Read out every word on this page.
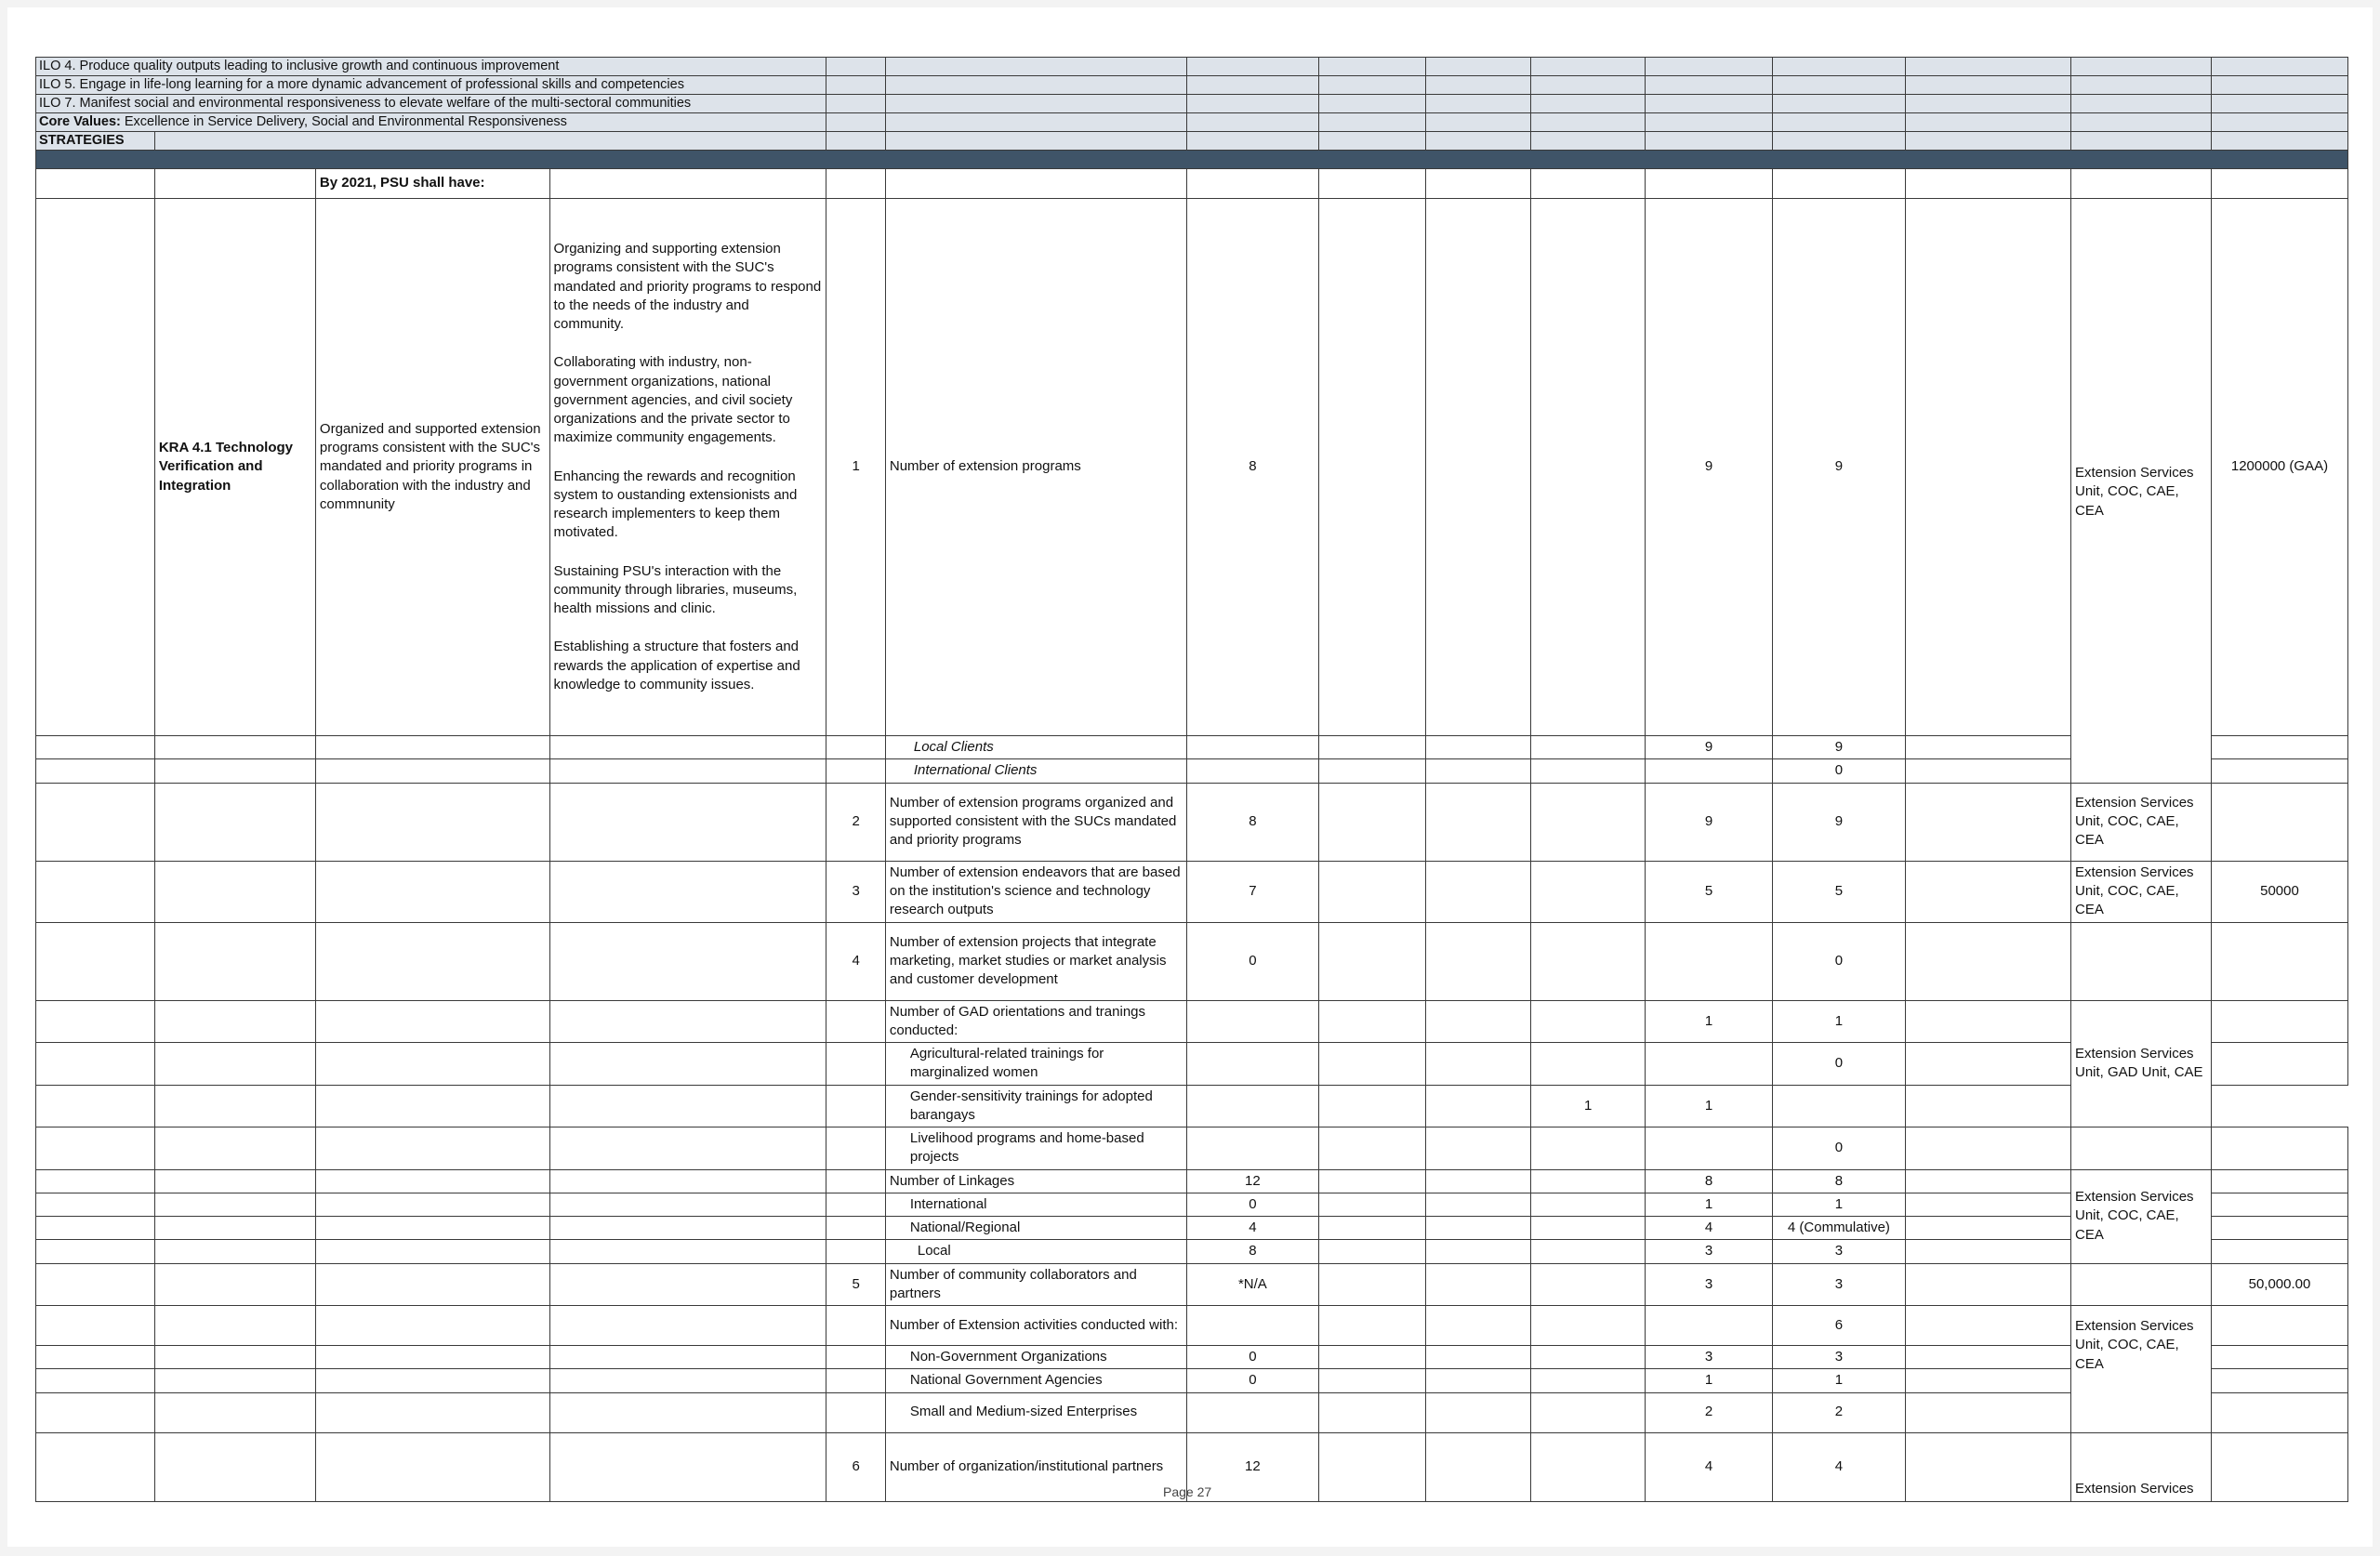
ILO 4. Produce quality outputs leading to inclusive growth and continuous improvement														
ILO 5. Engage in life-long learning for a more dynamic advancement of professional skills and competencies														
ILO 7. Manifest social and environmental responsiveness to elevate welfare of the multi-sectoral communities														
Core Values: Excellence in Service Delivery, Social and Environmental Responsiveness														
STRATEGIES														

		By 2021, PSU shall have:												
	KRA 4.1 Technology Verification and Integration	Organized and supported extension programs consistent with the SUC's mandated and priority programs in collaboration with the industry and commnunity	Organizing and supporting extension programs consistent with the SUC's mandated and priority programs to respond to the needs of the industry and community.

Collaborating with industry, non-government organizations, national government agencies, and civil society organizations and the private sector to maximize community engagements.

Enhancing the rewards and recognition system to oustanding extensionists and research implementers to keep them motivated.

Sustaining PSU's interaction with the community through libraries, museums, health missions and clinic.

Establishing a structure that fosters and rewards the application of expertise and knowledge to community issues.	1	Number of extension programs	8				9	9		Extension Services Unit, COC, CAE, CEA	1200000 (GAA)
					Local Clients					9	9			
					International Clients						0			
				2	Number of extension programs organized and supported consistent with the SUCs mandated and priority programs	8				9	9		Extension Services Unit, COC, CAE, CEA	
				3	Number of extension endeavors that are based on the institution's science and technology research outputs	7				5	5		Extension Services Unit, COC, CAE, CEA	50000
				4	Number of extension projects that integrate marketing, market studies or market analysis and customer development	0					0			
					Number of GAD orientations and tranings conducted:					1	1		Extension Services Unit, GAD Unit, CAE	
					Agricultural-related trainings for marginalized women						0			
					Gender-sensitivity trainings for adopted barangays				1	1				
					Livelihood programs and home-based projects						0			
					Number of Linkages	12				8	8		Extension Services Unit, COC, CAE, CEA	
					International	0				1	1			
					National/Regional	4				4	4 (Commulative)			
					Local	8				3	3			
				5	Number of community collaborators and partners	*N/A				3	3			50,000.00
					Number of Extension activities conducted with:						6		Extension Services Unit, COC, CAE, CEA	
					Non-Government Organizations	0				3	3			
					National Government Agencies	0				1	1			
					Small and Medium-sized Enterprises					2	2			
				6	Number of organization/institutional partners	12				4	4		Extension Services	
Page 27
